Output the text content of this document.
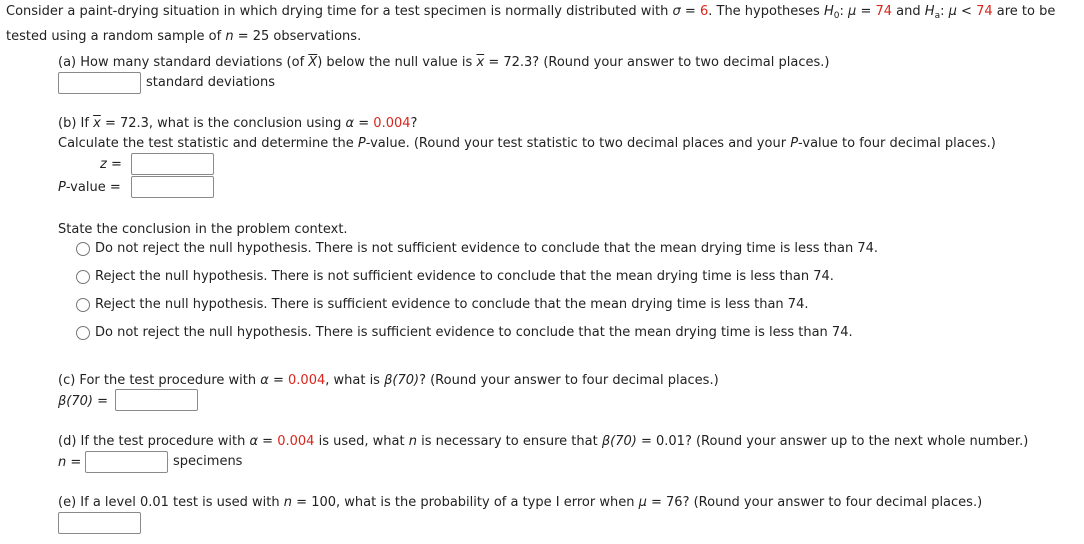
Consider a paint-drying situation in which drying time for a test specimen is normally distributed with σ = 6. The hypotheses $H_0$: μ = 74 and $H_a$: μ < 74 are to be
tested using a random sample of n = 25 observations.
(a) How many standard deviations (of $\overline{X}$) below the null value is $\overline{x} = 72.3$? (Round your answer to two decimal places.)
standard deviations
(b) If $\overline{x} = 72.3$, what is the conclusion using α = 0.004?
Calculate the test statistic and determine the P-value. (Round your test statistic to two decimal places and your P-value to four decimal places.)
z =
P-value =
State the conclusion in the problem context.
Do not reject the null hypothesis. There is not sufficient evidence to conclude that the mean drying time is less than 74.
Reject the null hypothesis. There is not sufficient evidence to conclude that the mean drying time is less than 74.
Reject the null hypothesis. There is sufficient evidence to conclude that the mean drying time is less than 74.
Do not reject the null hypothesis. There is sufficient evidence to conclude that the mean drying time is less than 74.
(c) For the test procedure with α = 0.004, what is β(70)? (Round your answer to four decimal places.)
β(70) =
(d) If the test procedure with α = 0.004 is used, what n is necessary to ensure that β(70) = 0.01? (Round your answer up to the next whole number.)
n =	specimens
(e) If a level 0.01 test is used with n = 100, what is the probability of a type I error when μ = 76? (Round your answer to four decimal places.)
